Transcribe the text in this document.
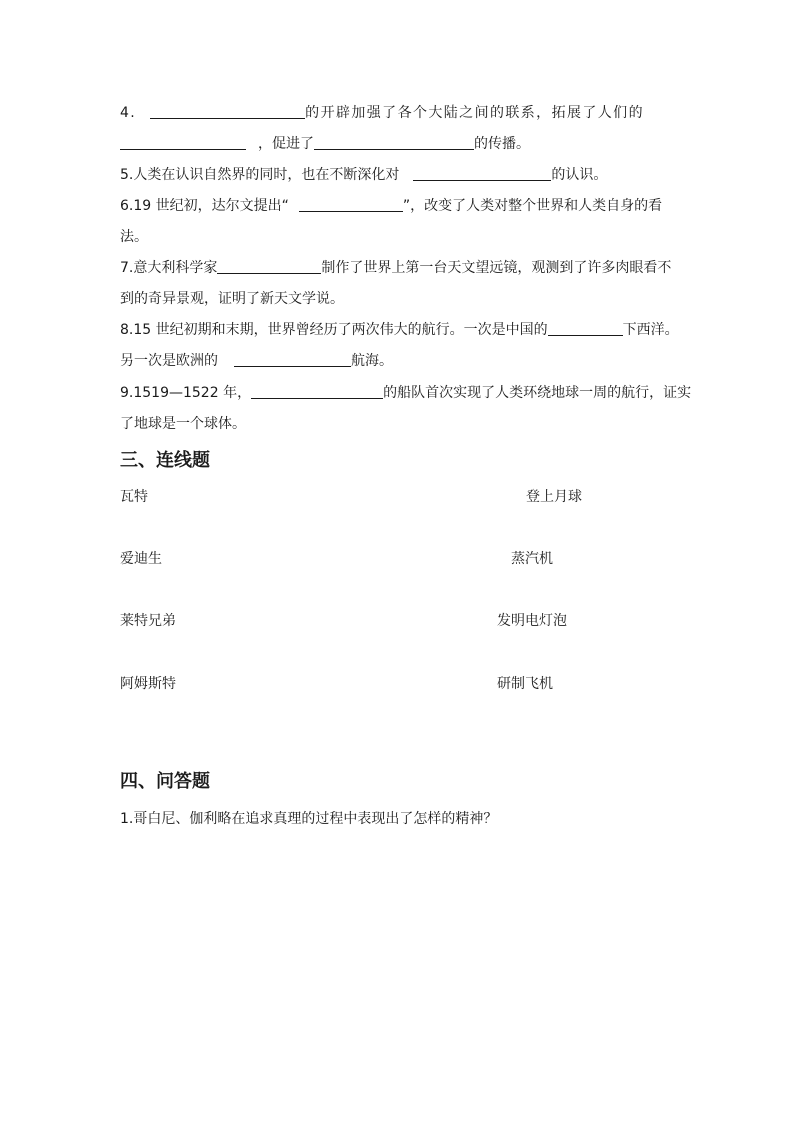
4.	的开辟加强了各个大陆之间的联系，拓展了人们的
，促进了	的传播。
5.人类在认识自然界的同时，也在不断深化对	的认识。
6.19 世纪初，达尔文提出“	”，改变了人类对整个世界和人类自身的看
法。
7.意大利科学家	制作了世界上第一台天文望远镜，观测到了许多肉眼看不
到的奇异景观，证明了新天文学说。
8.15 世纪初期和末期，世界曾经历了两次伟大的航行。一次是中国的	下西洋。
另一次是欧洲的	航海。
9.1519—1522 年，	的船队首次实现了人类环绕地球一周的航行，证实
了地球是一个球体。
三、连线题
瓦特	登上月球
爱迪生	蒸汽机
莱特兄弟	发明电灯泡
阿姆斯特	研制飞机
四、问答题
1.哥白尼、伽利略在追求真理的过程中表现出了怎样的精神？
